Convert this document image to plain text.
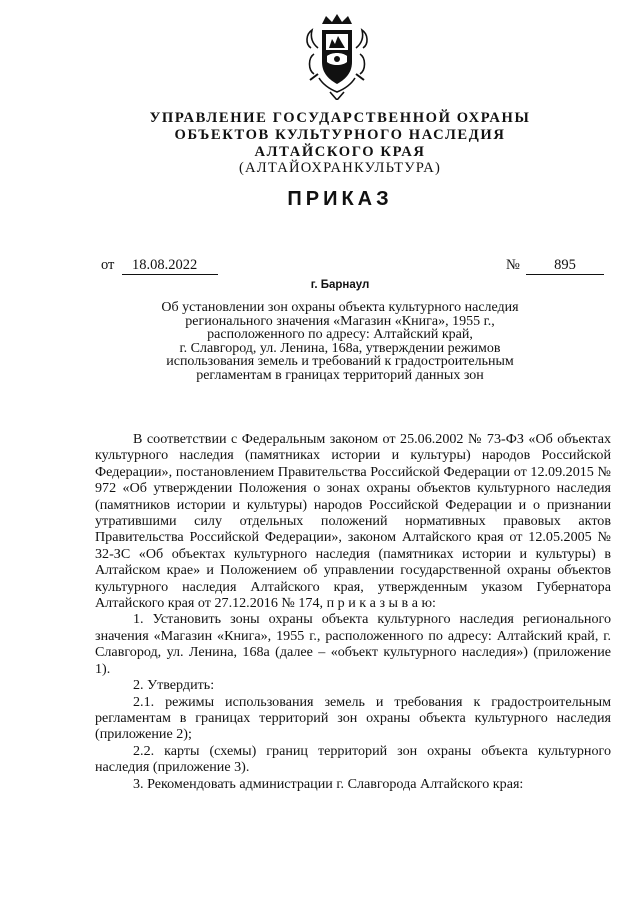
УПРАВЛЕНИЕ ГОСУДАРСТВЕННОЙ ОХРАНЫ
ОБЪЕКТОВ КУЛЬТУРНОГО НАСЛЕДИЯ
АЛТАЙСКОГО КРАЯ
(АЛТАЙОХРАНКУЛЬТУРА)
ПРИКАЗ
от	18.08.2022	№	895
г. Барнаул
Об установлении зон охраны объекта культурного наследия
регионального значения «Магазин «Книга», 1955 г.,
расположенного по адресу: Алтайский край,
г. Славгород, ул. Ленина, 168а, утверждении режимов
использования земель и требований к градостроительным
регламентам в границах территорий данных зон

В соответствии с Федеральным законом от 25.06.2002 № 73-ФЗ «Об объектах культурного наследия (памятниках истории и культуры) народов Российской Федерации», постановлением Правительства Российской Федерации от 12.09.2015 № 972 «Об утверждении Положения о зонах охраны объектов культурного наследия (памятников истории и культуры) народов Российской Федерации и о признании утратившими силу отдельных положений нормативных правовых актов Правительства Российской Федерации», законом Алтайского края от 12.05.2005 № 32-ЗС «Об объектах культурного наследия (памятниках истории и культуры) в Алтайском крае» и Положением об управлении государственной охраны объектов культурного наследия Алтайского края, утвержденным указом Губернатора Алтайского края от 27.12.2016 № 174, п р и к а з ы в а ю:

1. Установить зоны охраны объекта культурного наследия регионального значения «Магазин «Книга», 1955 г., расположенного по адресу: Алтайский край, г. Славгород, ул. Ленина, 168а (далее – «объект культурного наследия») (приложение 1).

2. Утвердить:

2.1. режимы использования земель и требования к градостроительным регламентам в границах территорий зон охраны объекта культурного наследия (приложение 2);

2.2. карты (схемы) границ территорий зон охраны объекта культурного наследия (приложение 3).

3. Рекомендовать администрации г. Славгорода Алтайского края:
